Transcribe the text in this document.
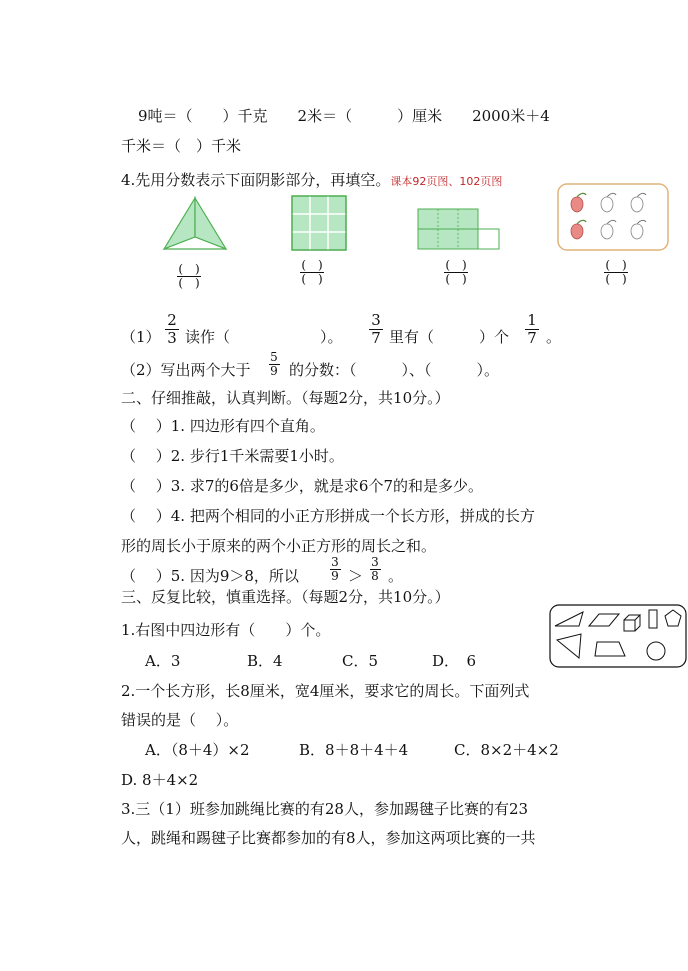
9吨＝（　　）千克　　2米＝（　　　）厘米　　2000米＋4
千米＝（　）千米
4.先用分数表示下面阴影部分，再填空。课本92页图、102页图
(　)
(　)
(　)
(　)
(　)
(　)
(　)
(　)
（1）
2
3 读作（　　　　　　）。
3
7 里有（　　　）个
1
7 。
（2）写出两个大于
5
9 的分数：（　　　）、（　　　）。
二、仔细推敲，认真判断。（每题2分，共10分。）
（　 ）1. 四边形有四个直角。
（　 ）2. 步行1千米需要1小时。
（　 ）3. 求7的6倍是多少，就是求6个7的和是多少。
（　 ）4. 把两个相同的小正方形拼成一个长方形，拼成的长方
形的周长小于原来的两个小正方形的周长之和。
（　 ）5. 因为9＞8，所以
3
9 ＞
3
8 。
三、反复比较，慎重选择。（每题2分，共10分。）
1.右图中四边形有（　　）个。
A．3	B．4	C．5	D．　6
2.一个长方形，长8厘米，宽4厘米，要求它的周长。下面列式
错误的是（　 ）。
A．（8＋4）×2	B．8＋8＋4＋4	C．8×2＋4×2
D. 8＋4×2
3.三（1）班参加跳绳比赛的有28人，参加踢毽子比赛的有23
人，跳绳和踢毽子比赛都参加的有8人，参加这两项比赛的一共
